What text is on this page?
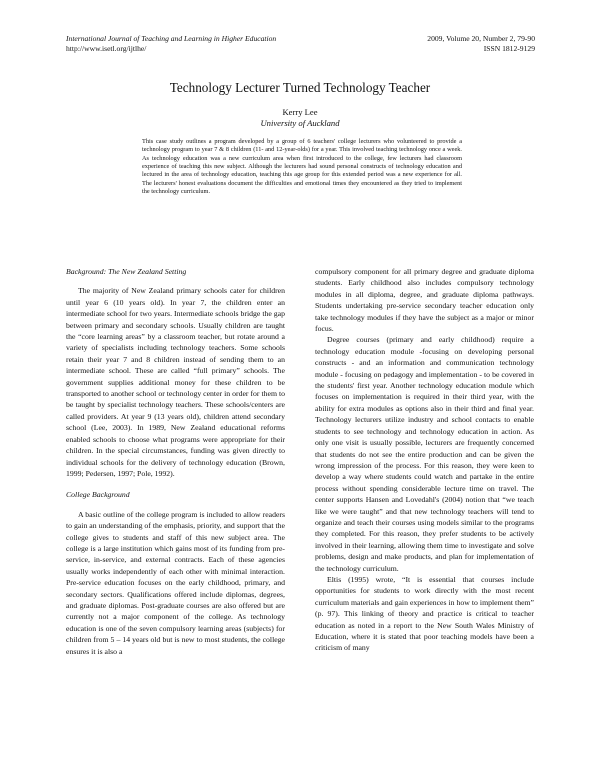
International Journal of Teaching and Learning in Higher Education
http://www.isetl.org/ijtlhe/
2009, Volume 20, Number 2, 79-90
ISSN 1812-9129
Technology Lecturer Turned Technology Teacher
Kerry Lee
University of Auckland

This case study outlines a program developed by a group of 6 teachers' college lecturers who volunteered to provide a technology program to year 7 & 8 children (11- and 12-year-olds) for a year. This involved teaching technology once a week. As technology education was a new curriculum area when first introduced to the college, few lecturers had classroom experience of teaching this new subject. Although the lecturers had sound personal constructs of technology education and lectured in the area of technology education, teaching this age group for this extended period was a new experience for all. The lecturers' honest evaluations document the difficulties and emotional times they encountered as they tried to implement the technology curriculum.

Background: The New Zealand Setting

The majority of New Zealand primary schools cater for children until year 6 (10 years old). In year 7, the children enter an intermediate school for two years. Intermediate schools bridge the gap between primary and secondary schools. Usually children are taught the “core learning areas” by a classroom teacher, but rotate around a variety of specialists including technology teachers. Some schools retain their year 7 and 8 children instead of sending them to an intermediate school. These are called “full primary” schools. The government supplies additional money for these children to be transported to another school or technology center in order for them to be taught by specialist technology teachers. These schools/centers are called providers. At year 9 (13 years old), children attend secondary school (Lee, 2003). In 1989, New Zealand educational reforms enabled schools to choose what programs were appropriate for their children. In the special circumstances, funding was given directly to individual schools for the delivery of technology education (Brown, 1999; Pedersen, 1997; Pole, 1992).

College Background

A basic outline of the college program is included to allow readers to gain an understanding of the emphasis, priority, and support that the college gives to students and staff of this new subject area. The college is a large institution which gains most of its funding from pre-service, in-service, and external contracts. Each of these agencies usually works independently of each other with minimal interaction. Pre-service education focuses on the early childhood, primary, and secondary sectors. Qualifications offered include diplomas, degrees, and graduate diplomas. Post-graduate courses are also offered but are currently not a major component of the college. As technology education is one of the seven compulsory learning areas (subjects) for children from 5 – 14 years old but is new to most students, the college ensures it is also a

compulsory component for all primary degree and graduate diploma students. Early childhood also includes compulsory technology modules in all diploma, degree, and graduate diploma pathways. Students undertaking pre-service secondary teacher education only take technology modules if they have the subject as a major or minor focus.

Degree courses (primary and early childhood) require a technology education module -focusing on developing personal constructs - and an information and communication technology module - focusing on pedagogy and implementation - to be covered in the students' first year. Another technology education module which focuses on implementation is required in their third year, with the ability for extra modules as options also in their third and final year. Technology lecturers utilize industry and school contacts to enable students to see technology and technology education in action. As only one visit is usually possible, lecturers are frequently concerned that students do not see the entire production and can be given the wrong impression of the process. For this reason, they were keen to develop a way where students could watch and partake in the entire process without spending considerable lecture time on travel. The center supports Hansen and Lovedahl's (2004) notion that “we teach like we were taught” and that new technology teachers will tend to organize and teach their courses using models similar to the programs they completed. For this reason, they prefer students to be actively involved in their learning, allowing them time to investigate and solve problems, design and make products, and plan for implementation of the technology curriculum.

Eltis (1995) wrote, “It is essential that courses include opportunities for students to work directly with the most recent curriculum materials and gain experiences in how to implement them” (p. 97). This linking of theory and practice is critical to teacher education as noted in a report to the New South Wales Ministry of Education, where it is stated that poor teaching models have been a criticism of many
